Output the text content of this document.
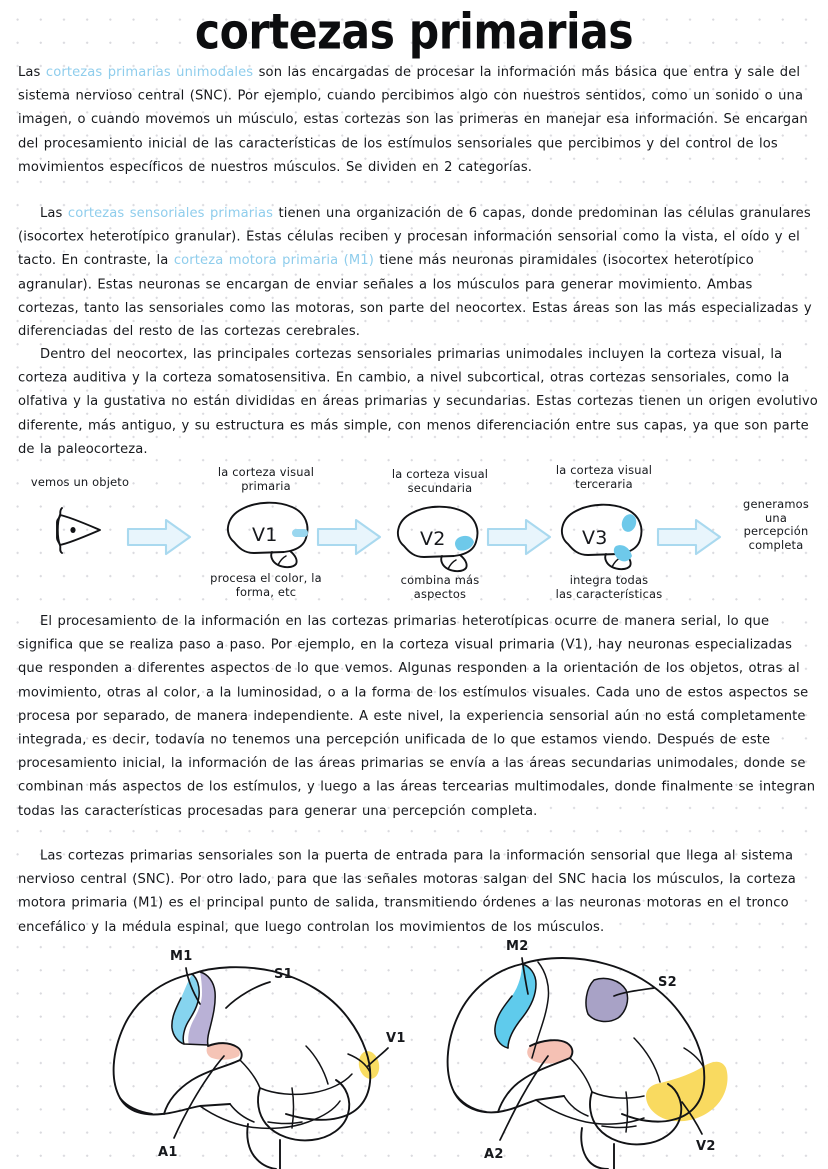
cortezas primarias

Las cortezas primarias unimodales son las encargadas de procesar la información más básica que entra y sale del sistema nervioso central (SNC). Por ejemplo, cuando percibimos algo con nuestros sentidos, como un sonido o una imagen, o cuando movemos un músculo, estas cortezas son las primeras en manejar esa información. Se encargan del procesamiento inicial de las características de los estímulos sensoriales que percibimos y del control de los movimientos específicos de nuestros músculos. Se dividen en 2 categorías.

Las cortezas sensoriales primarias tienen una organización de 6 capas, donde predominan las células granulares (isocortex heterotípico granular). Estas células reciben y procesan información sensorial como la vista, el oído y el tacto. En contraste, la corteza motora primaria (M1) tiene más neuronas piramidales (isocortex heterotípico agranular). Estas neuronas se encargan de enviar señales a los músculos para generar movimiento. Ambas cortezas, tanto las sensoriales como las motoras, son parte del neocortex. Estas áreas son las más especializadas y diferenciadas del resto de las cortezas cerebrales.

Dentro del neocortex, las principales cortezas sensoriales primarias unimodales incluyen la corteza visual, la corteza auditiva y la corteza somatosensitiva. En cambio, a nivel subcortical, otras cortezas sensoriales, como la olfativa y la gustativa no están divididas en áreas primarias y secundarias. Estas cortezas tienen un origen evolutivo diferente, más antiguo, y su estructura es más simple, con menos diferenciación entre sus capas, ya que son parte de la paleocorteza.

vemos un objeto
la corteza visual
primaria
V1
procesa el color, la
forma, etc
la corteza visual
secundaria
V2
combina más
aspectos
la corteza visual
terceraria
V3
integra todas
las características
generamos
una
percepción
completa

El procesamiento de la información en las cortezas primarias heterotípicas ocurre de manera serial, lo que significa que se realiza paso a paso. Por ejemplo, en la corteza visual primaria (V1), hay neuronas especializadas que responden a diferentes aspectos de lo que vemos. Algunas responden a la orientación de los objetos, otras al movimiento, otras al color, a la luminosidad, o a la forma de los estímulos visuales. Cada uno de estos aspectos se procesa por separado, de manera independiente. A este nivel, la experiencia sensorial aún no está completamente integrada, es decir, todavía no tenemos una percepción unificada de lo que estamos viendo. Después de este procesamiento inicial, la información de las áreas primarias se envía a las áreas secundarias unimodales, donde se combinan más aspectos de los estímulos, y luego a las áreas tercearias multimodales, donde finalmente se integran todas las características procesadas para generar una percepción completa.

Las cortezas primarias sensoriales son la puerta de entrada para la información sensorial que llega al sistema nervioso central (SNC). Por otro lado, para que las señales motoras salgan del SNC hacia los músculos, la corteza motora primaria (M1) es el principal punto de salida, transmitiendo órdenes a las neuronas motoras en el tronco encefálico y la médula espinal, que luego controlan los movimientos de los músculos.

M1
S1
A1
V1
M2
S2
A2
V2
